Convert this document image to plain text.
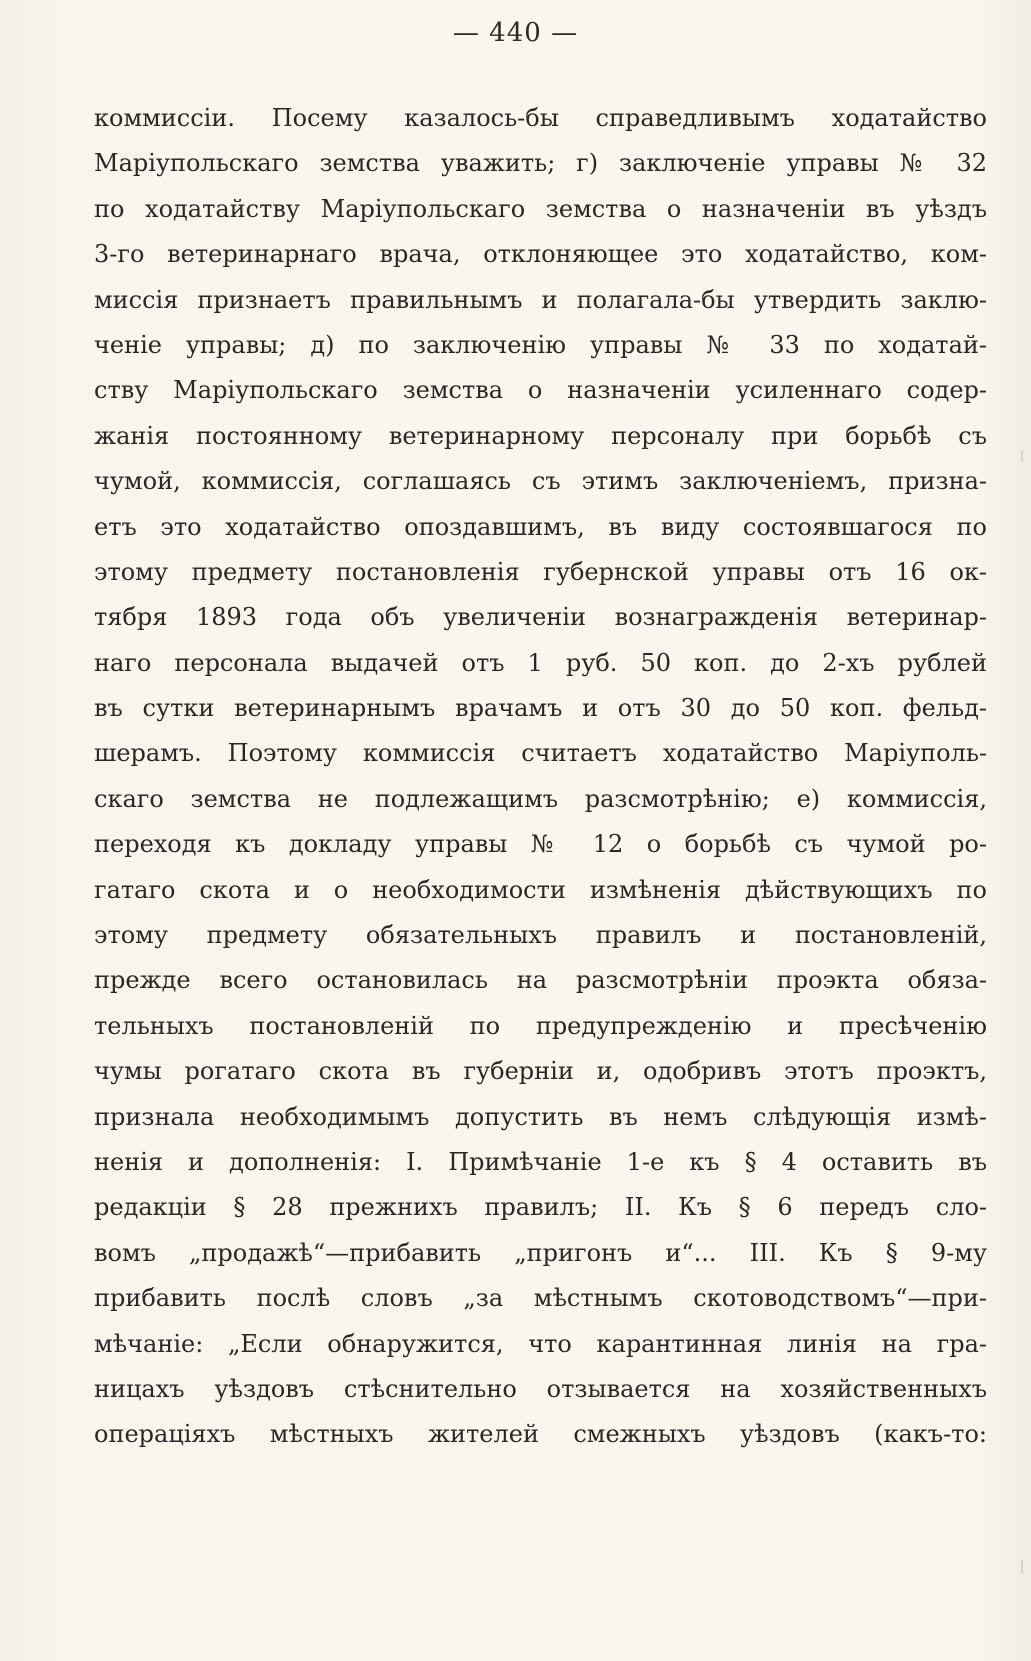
— 440 —
коммиссіи. Посему казалось-бы справедливымъ ходатайство
Маріупольскаго земства уважить; г) заключеніе управы № 32
по ходатайству Маріупольскаго земства о назначеніи въ уѣздъ
3-го ветеринарнаго врача, отклоняющее это ходатайство, ком-
миссія признаетъ правильнымъ и полагала-бы утвердить заклю-
ченіе управы; д) по заключенію управы № 33 по ходатай-
ству Маріупольскаго земства о назначеніи усиленнаго содер-
жанія постоянному ветеринарному персоналу при борьбѣ съ
чумой, коммиссія, соглашаясь съ этимъ заключеніемъ, призна-
етъ это ходатайство опоздавшимъ, въ виду состоявшагося по
этому предмету постановленія губернской управы отъ 16 ок-
тября 1893 года объ увеличеніи вознагражденія ветеринар-
наго персонала выдачей отъ 1 руб. 50 коп. до 2-хъ рублей
въ сутки ветеринарнымъ врачамъ и отъ 30 до 50 коп. фельд-
шерамъ. Поэтому коммиссія считаетъ ходатайство Маріуполь-
скаго земства не подлежащимъ разсмотрѣнію; е) коммиссія,
переходя къ докладу управы № 12 о борьбѣ съ чумой ро-
гатаго скота и о необходимости измѣненія дѣйствующихъ по
этому предмету обязательныхъ правилъ и постановленій,
прежде всего остановилась на разсмотрѣніи проэкта обяза-
тельныхъ постановленій по предупрежденію и пресѣченію
чумы рогатаго скота въ губерніи и, одобривъ этотъ проэктъ,
признала необходимымъ допустить въ немъ слѣдующія измѣ-
ненія и дополненія: I. Примѣчаніе 1-е къ § 4 оставить въ
редакціи § 28 прежнихъ правилъ; II. Къ § 6 передъ сло-
вомъ „продажѣ“—прибавить „пригонъ и“... III. Къ § 9-му
прибавить послѣ словъ „за мѣстнымъ скотоводствомъ“—при-
мѣчаніе: „Если обнаружится, что карантинная линія на гра-
ницахъ уѣздовъ стѣснительно отзывается на хозяйственныхъ
операціяхъ мѣстныхъ жителей смежныхъ уѣздовъ (какъ-то:
